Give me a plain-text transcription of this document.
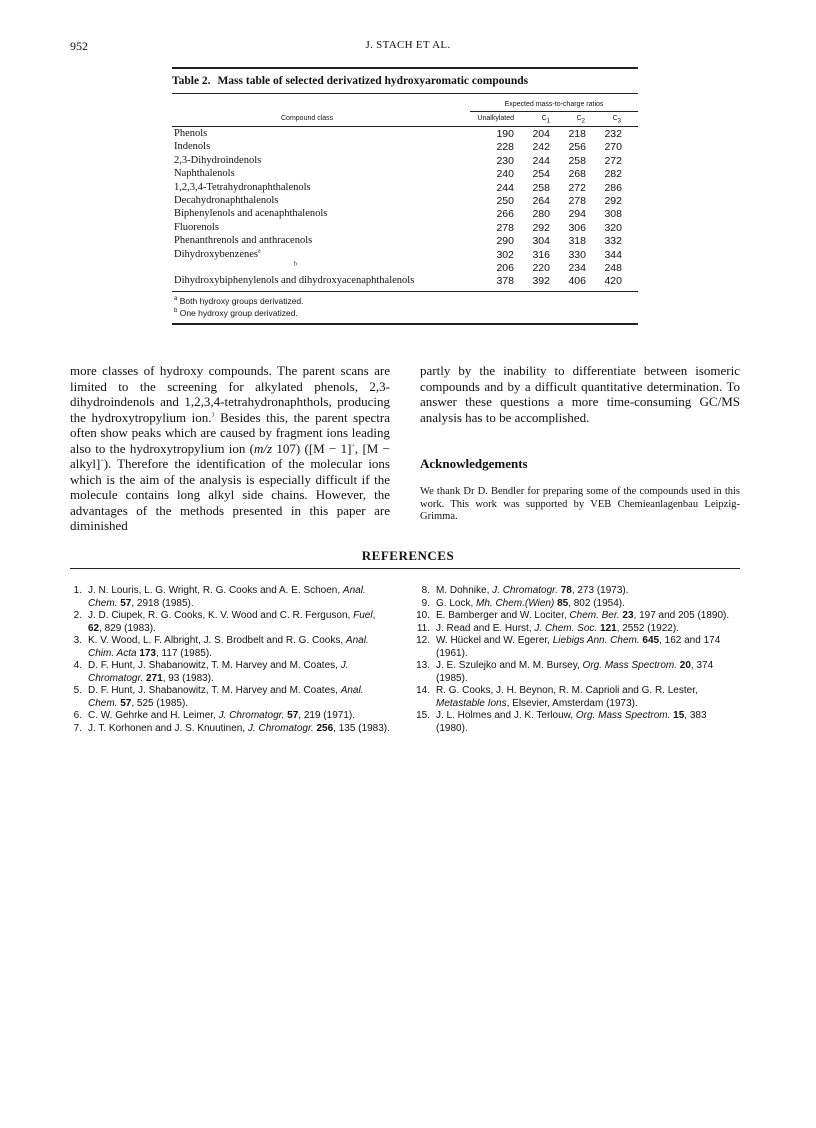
952	J. STACH ET AL.
Table 2. Mass table of selected derivatized hydroxyaromatic compounds
Expected mass-to-charge ratios
Compound class	Unalkylated	$C_1$	$C_2$	$C_3$
Phenols	190 204 218 232
Indenols	228 242 256 270
2,3-Dihydroindenols	230 244 258 272
Naphthalenols	240 254 268 282
1,2,3,4-Tetrahydronaphthalenols	244 258 272 286
Decahydronaphthalenols	250 264 278 292
Biphenylenols and acenaphthalenols	266 280 294 308
Fluorenols	278 292 306 320
Phenanthrenols and anthracenols	290 304 318 332
Dihydroxybenzenes$^a$	302 316 330 344
$^b$	206 220 234 248
Dihydroxybiphenylenols and dihydroxyacenaphthalenols	378 392 406 420
$^a$ Both hydroxy groups derivatized.
$^b$ One hydroxy group derivatized.

more classes of hydroxy compounds. The parent scans are limited to the screening for alkylated phenols, 2,3-dihydroindenols and 1,2,3,4-tetrahydronaphthols, producing the hydroxytropylium ion.$^3$ Besides this, the parent spectra often show peaks which are caused by fragment ions leading also to the hydroxytropylium ion (m/z 107) ([M − 1]+, [M − alkyl]+). Therefore the identification of the molecular ions which is the aim of the analysis is especially difficult if the molecule contains long alkyl side chains. However, the advantages of the methods presented in this paper are diminished

partly by the inability to differentiate between isomeric compounds and by a difficult quantitative determination. To answer these questions a more time-consuming GC/MS analysis has to be accomplished.

Acknowledgements
We thank Dr D. Bendler for preparing some of the compounds used in this work. This work was supported by VEB Chemieanlagenbau Leipzig-Grimma.
REFERENCES
1. J. N. Louris, L. G. Wright, R. G. Cooks and A. E. Schoen, Anal. Chem. 57, 2918 (1985).
2. J. D. Ciupek, R. G. Cooks, K. V. Wood and C. R. Ferguson, Fuel, 62, 829 (1983).
3. K. V. Wood, L. F. Albright, J. S. Brodbelt and R. G. Cooks, Anal. Chim. Acta 173, 117 (1985).
4. D. F. Hunt, J. Shabanowitz, T. M. Harvey and M. Coates, J. Chromatogr. 271, 93 (1983).
5. D. F. Hunt, J. Shabanowitz, T. M. Harvey and M. Coates, Anal. Chem. 57, 525 (1985).
6. C. W. Gehrke and H. Leimer, J. Chromatogr. 57, 219 (1971).
7. J. T. Korhonen and J. S. Knuutinen, J. Chromatogr. 256, 135 (1983).
8. M. Dohnike, J. Chromatogr. 78, 273 (1973).
9. G. Lock, Mh. Chem.(Wien) 85, 802 (1954).
10. E. Bamberger and W. Lociter, Chem. Ber. 23, 197 and 205 (1890).
11. J. Read and E. Hurst, J. Chem. Soc. 121, 2552 (1922).
12. W. Hückel and W. Egerer, Liebigs Ann. Chem. 645, 162 and 174 (1961).
13. J. E. Szulejko and M. M. Bursey, Org. Mass Spectrom. 20, 374 (1985).
14. R. G. Cooks, J. H. Beynon, R. M. Caprioli and G. R. Lester, Metastable Ions, Elsevier, Amsterdam (1973).
15. J. L. Holmes and J. K. Terlouw, Org. Mass Spectrom. 15, 383 (1980).
